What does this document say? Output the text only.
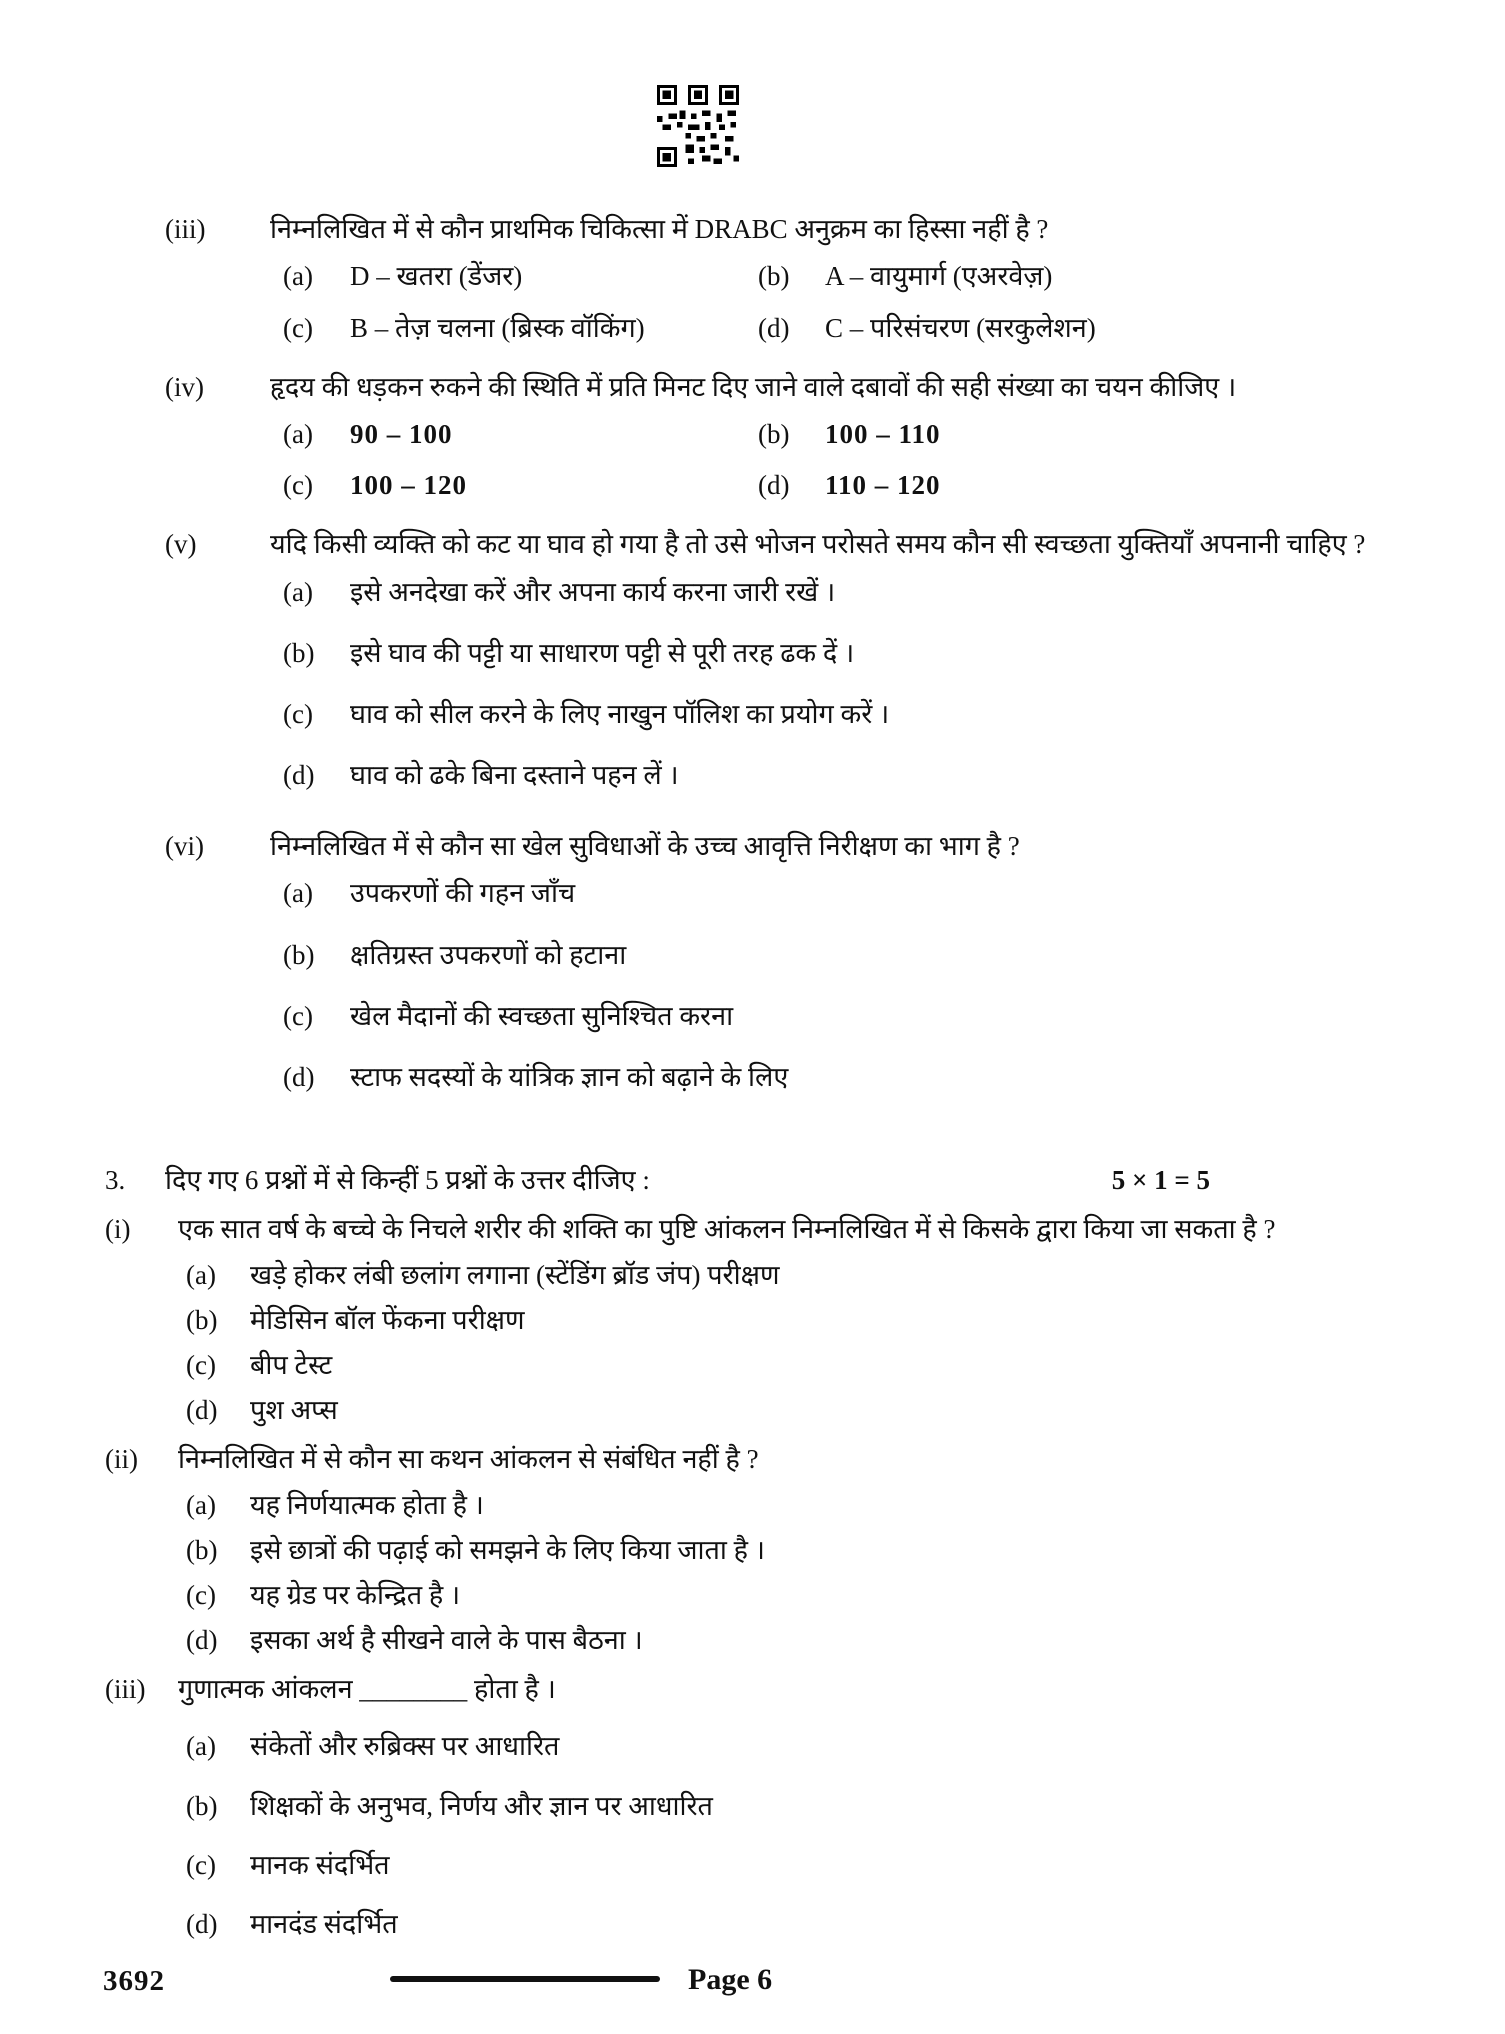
(iii)	निम्नलिखित में से कौन प्राथमिक चिकित्सा में DRABC अनुक्रम का हिस्सा नहीं है ?
(a)	D – खतरा (डेंजर)	(b)	A – वायुमार्ग (एअरवेज़)
(c)	B – तेज़ चलना (ब्रिस्क वॉकिंग)	(d)	C – परिसंचरण (सरकुलेशन)
(iv)	हृदय की धड़कन रुकने की स्थिति में प्रति मिनट दिए जाने वाले दबावों की सही संख्या का चयन कीजिए ।
(a)	90 – 100	(b)	100 – 110
(c)	100 – 120	(d)	110 – 120
(v)	यदि किसी व्यक्ति को कट या घाव हो गया है तो उसे भोजन परोसते समय कौन सी स्वच्छता युक्तियाँ अपनानी चाहिए ?
(a)	इसे अनदेखा करें और अपना कार्य करना जारी रखें ।
(b)	इसे घाव की पट्टी या साधारण पट्टी से पूरी तरह ढक दें ।
(c)	घाव को सील करने के लिए नाखुन पॉलिश का प्रयोग करें ।
(d)	घाव को ढके बिना दस्ताने पहन लें ।
(vi)	निम्नलिखित में से कौन सा खेल सुविधाओं के उच्च आवृत्ति निरीक्षण का भाग है ?
(a)	उपकरणों की गहन जाँच
(b)	क्षतिग्रस्त उपकरणों को हटाना
(c)	खेल मैदानों की स्वच्छता सुनिश्चित करना
(d)	स्टाफ सदस्यों के यांत्रिक ज्ञान को बढ़ाने के लिए
3.	दिए गए 6 प्रश्नों में से किन्हीं 5 प्रश्नों के उत्तर दीजिए :	5 × 1 = 5
(i)	एक सात वर्ष के बच्चे के निचले शरीर की शक्ति का पुष्टि आंकलन निम्नलिखित में से किसके द्वारा किया जा सकता है ?
(a)	खड़े होकर लंबी छलांग लगाना (स्टेंडिंग ब्रॉड जंप) परीक्षण
(b)	मेडिसिन बॉल फेंकना परीक्षण
(c)	बीप टेस्ट
(d)	पुश अप्स
(ii)	निम्नलिखित में से कौन सा कथन आंकलन से संबंधित नहीं है ?
(a)	यह निर्णयात्मक होता है ।
(b)	इसे छात्रों की पढ़ाई को समझने के लिए किया जाता है ।
(c)	यह ग्रेड पर केन्द्रित है ।
(d)	इसका अर्थ है सीखने वाले के पास बैठना ।
(iii)	गुणात्मक आंकलन ________ होता है ।
(a)	संकेतों और रुब्रिक्स पर आधारित
(b)	शिक्षकों के अनुभव, निर्णय और ज्ञान पर आधारित
(c)	मानक संदर्भित
(d)	मानदंड संदर्भित
3692	Page 6
